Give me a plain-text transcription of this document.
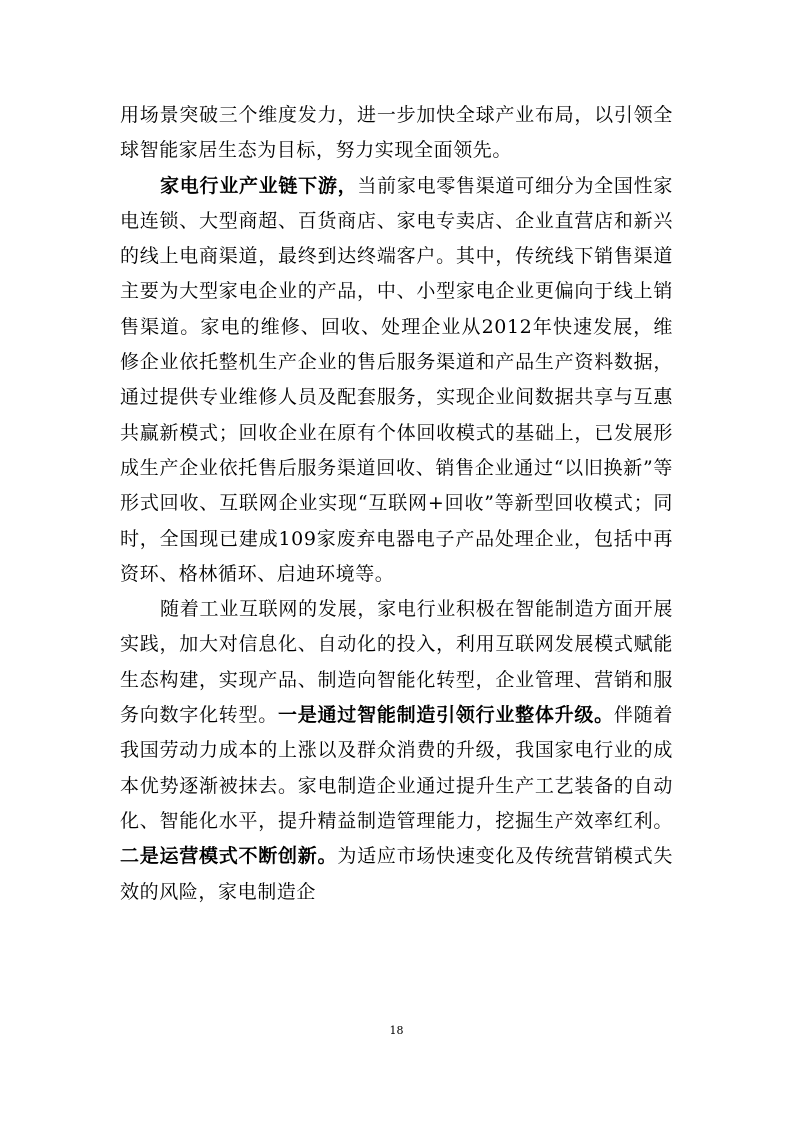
用场景突破三个维度发力，进一步加快全球产业布局，以引领全球智能家居生态为目标，努力实现全面领先。

家电行业产业链下游，当前家电零售渠道可细分为全国性家电连锁、大型商超、百货商店、家电专卖店、企业直营店和新兴的线上电商渠道，最终到达终端客户。其中，传统线下销售渠道主要为大型家电企业的产品，中、小型家电企业更偏向于线上销售渠道。家电的维修、回收、处理企业从2012年快速发展，维修企业依托整机生产企业的售后服务渠道和产品生产资料数据，通过提供专业维修人员及配套服务，实现企业间数据共享与互惠共赢新模式；回收企业在原有个体回收模式的基础上，已发展形成生产企业依托售后服务渠道回收、销售企业通过“以旧换新”等形式回收、互联网企业实现“互联网+回收”等新型回收模式；同时，全国现已建成109家废弃电器电子产品处理企业，包括中再资环、格林循环、启迪环境等。

随着工业互联网的发展，家电行业积极在智能制造方面开展实践，加大对信息化、自动化的投入，利用互联网发展模式赋能生态构建，实现产品、制造向智能化转型，企业管理、营销和服务向数字化转型。一是通过智能制造引领行业整体升级。伴随着我国劳动力成本的上涨以及群众消费的升级，我国家电行业的成本优势逐渐被抹去。家电制造企业通过提升生产工艺装备的自动化、智能化水平，提升精益制造管理能力，挖掘生产效率红利。二是运营模式不断创新。为适应市场快速变化及传统营销模式失效的风险，家电制造企

18
